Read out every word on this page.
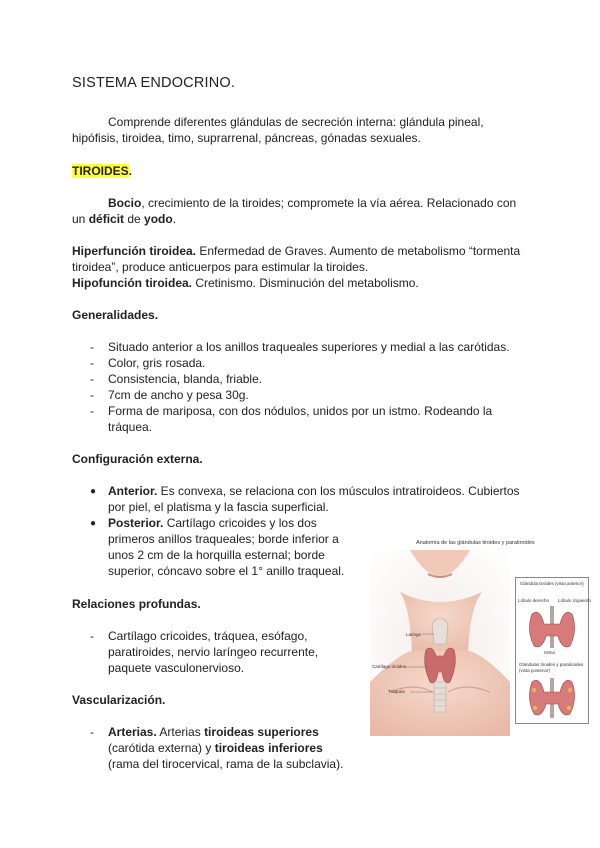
SISTEMA ENDOCRINO.
Comprende diferentes glándulas de secreción interna: glándula pineal,
hipófisis, tiroidea, timo, suprarrenal, páncreas, gónadas sexuales.
TIROIDES.
Bocio, crecimiento de la tiroides; compromete la vía aérea. Relacionado con
un déficit de yodo.
Hiperfunción tiroidea. Enfermedad de Graves. Aumento de metabolismo “tormenta
tiroidea”, produce anticuerpos para estimular la tiroides.
Hipofunción tiroidea. Cretinismo. Disminución del metabolismo.
Generalidades.
- Situado anterior a los anillos traqueales superiores y medial a las carótidas.
- Color, gris rosada.
- Consistencia, blanda, friable.
- 7cm de ancho y pesa 30g.
- Forma de mariposa, con dos nódulos, unidos por un istmo. Rodeando la
tráquea.
Configuración externa.
● Anterior. Es convexa, se relaciona con los músculos intratiroideos. Cubiertos
por piel, el platisma y la fascia superficial.
● Posterior. Cartílago cricoides y los dos
primeros anillos traqueales; borde inferior a
unos 2 cm de la horquilla esternal; borde
superior, cóncavo sobre el 1° anillo traqueal.
Relaciones profundas.
- Cartílago cricoides, tráquea, esófago,
paratiroides, nervio laríngeo recurrente,
paquete vasculonervioso.
Vascularización.
- Arterias. Arterias tiroideas superiores
(carótida externa) y tiroideas inferiores
(rama del tirocervical, rama de la subclavia).
Anatomía de las glándulas tiroides y paratiroides
Laringe
Cartílago tiroides
Tráquea
Glándula tiroides (vista anterior)
Lóbulo derecho Lóbulo izquierdo
Istmo
Glándulas tiroides y paratiroides (vista posterior)
